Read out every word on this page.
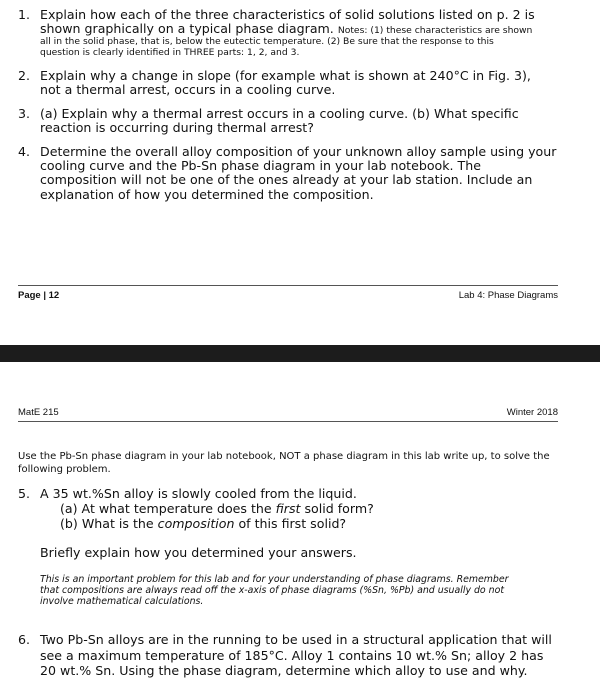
1. Explain how each of the three characteristics of solid solutions listed on p. 2 is
shown graphically on a typical phase diagram. Notes: (1) these characteristics are shown
all in the solid phase, that is, below the eutectic temperature. (2) Be sure that the response to this
question is clearly identified in THREE parts: 1, 2, and 3.
2. Explain why a change in slope (for example what is shown at 240°C in Fig. 3),
not a thermal arrest, occurs in a cooling curve.
3. (a) Explain why a thermal arrest occurs in a cooling curve. (b) What specific
reaction is occurring during thermal arrest?
4. Determine the overall alloy composition of your unknown alloy sample using your
cooling curve and the Pb-Sn phase diagram in your lab notebook. The
composition will not be one of the ones already at your lab station. Include an
explanation of how you determined the composition.
Page | 12	Lab 4: Phase Diagrams
MatE 215	Winter 2018
Use the Pb-Sn phase diagram in your lab notebook, NOT a phase diagram in this lab write up, to solve the
following problem.
5. A 35 wt.%Sn alloy is slowly cooled from the liquid.
(a) At what temperature does the first solid form?
(b) What is the composition of this first solid?
Briefly explain how you determined your answers.
This is an important problem for this lab and for your understanding of phase diagrams. Remember
that compositions are always read off the x-axis of phase diagrams (%Sn, %Pb) and usually do not
involve mathematical calculations.
6. Two Pb-Sn alloys are in the running to be used in a structural application that will
see a maximum temperature of 185°C. Alloy 1 contains 10 wt.% Sn; alloy 2 has
20 wt.% Sn. Using the phase diagram, determine which alloy to use and why.
